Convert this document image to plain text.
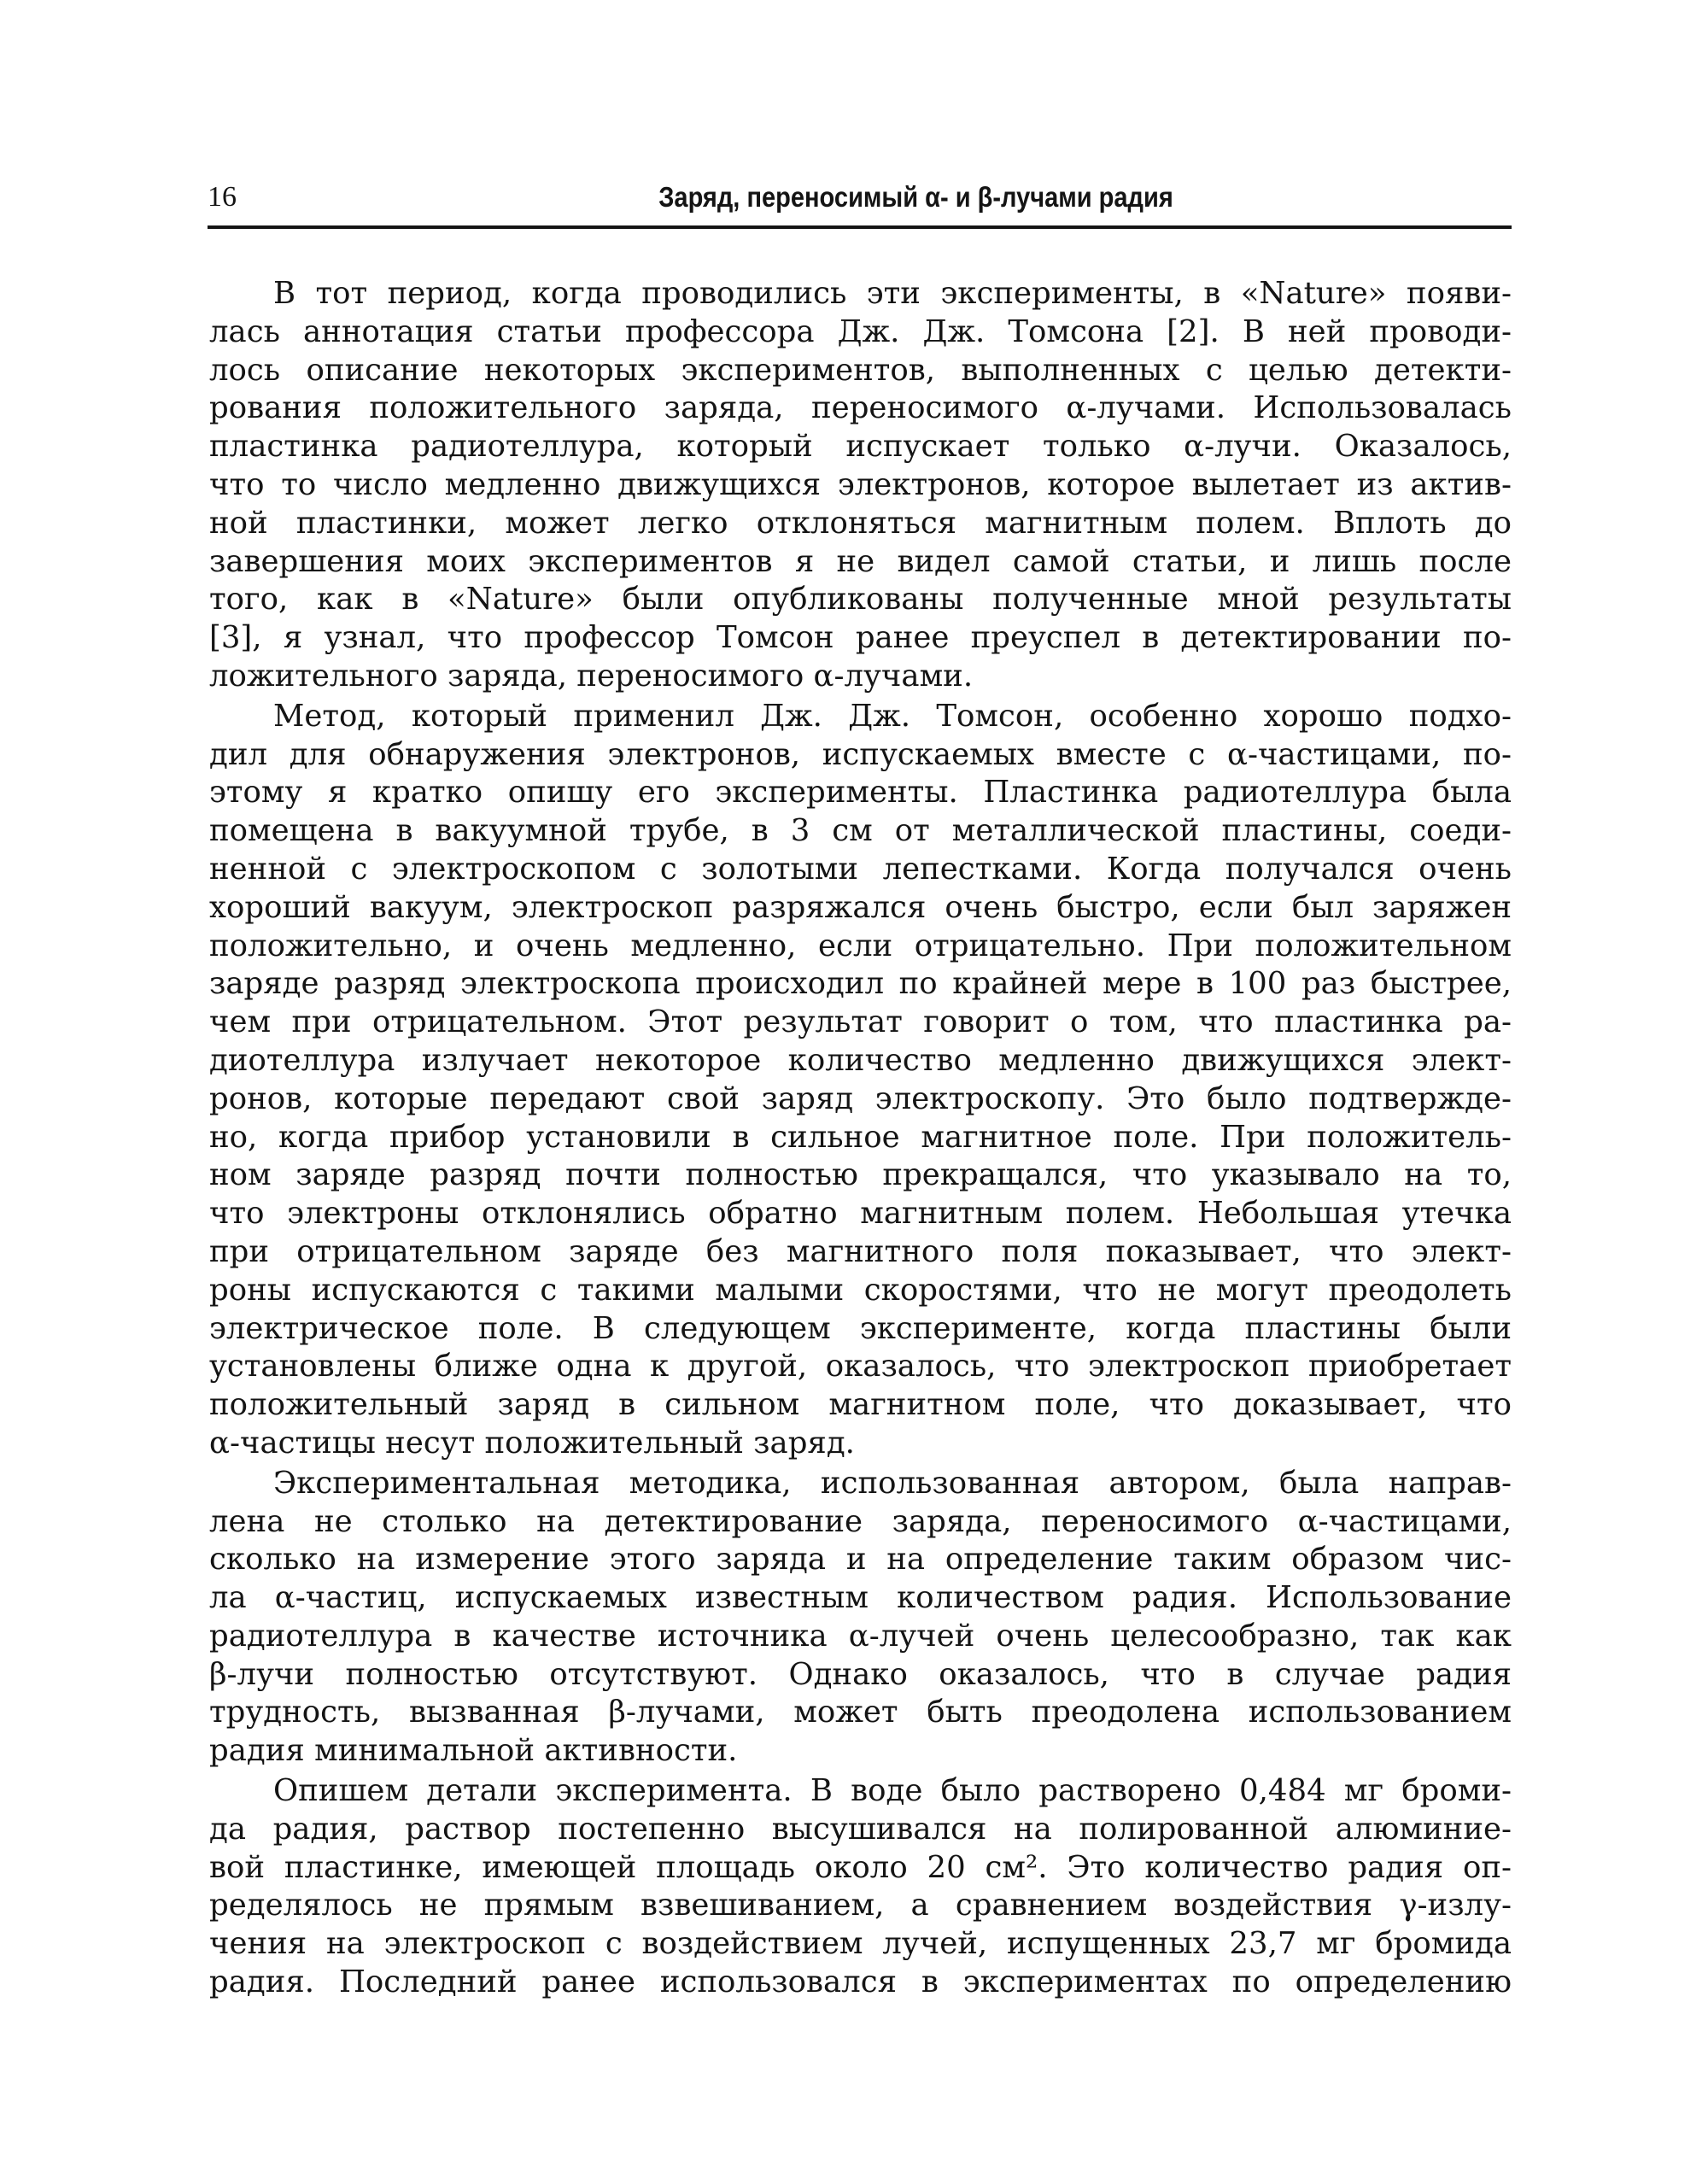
16	Заряд, переносимый α- и β-лучами радия
В тот период, когда проводились эти эксперименты, в «Nature» появи-
лась аннотация статьи профессора Дж. Дж. Томсона [2]. В ней проводи-
лось описание некоторых экспериментов, выполненных с целью детекти-
рования положительного заряда, переносимого α-лучами. Использовалась
пластинка радиотеллура, который испускает только α-лучи. Оказалось,
что то число медленно движущихся электронов, которое вылетает из актив-
ной пластинки, может легко отклоняться магнитным полем. Вплоть до
завершения моих экспериментов я не видел самой статьи, и лишь после
того, как в «Nature» были опубликованы полученные мной результаты
[3], я узнал, что профессор Томсон ранее преуспел в детектировании по-
ложительного заряда, переносимого α-лучами.
Метод, который применил Дж. Дж. Томсон, особенно хорошо подхо-
дил для обнаружения электронов, испускаемых вместе с α-частицами, по-
этому я кратко опишу его эксперименты. Пластинка радиотеллура была
помещена в вакуумной трубе, в 3 см от металлической пластины, соеди-
ненной с электроскопом с золотыми лепестками. Когда получался очень
хороший вакуум, электроскоп разряжался очень быстро, если был заряжен
положительно, и очень медленно, если отрицательно. При положительном
заряде разряд электроскопа происходил по крайней мере в 100 раз быстрее,
чем при отрицательном. Этот результат говорит о том, что пластинка ра-
диотеллура излучает некоторое количество медленно движущихся элект-
ронов, которые передают свой заряд электроскопу. Это было подтвержде-
но, когда прибор установили в сильное магнитное поле. При положитель-
ном заряде разряд почти полностью прекращался, что указывало на то,
что электроны отклонялись обратно магнитным полем. Небольшая утечка
при отрицательном заряде без магнитного поля показывает, что элект-
роны испускаются с такими малыми скоростями, что не могут преодолеть
электрическое поле. В следующем эксперименте, когда пластины были
установлены ближе одна к другой, оказалось, что электроскоп приобретает
положительный заряд в сильном магнитном поле, что доказывает, что
α-частицы несут положительный заряд.
Экспериментальная методика, использованная автором, была направ-
лена не столько на детектирование заряда, переносимого α-частицами,
сколько на измерение этого заряда и на определение таким образом чис-
ла α-частиц, испускаемых известным количеством радия. Использование
радиотеллура в качестве источника α-лучей очень целесообразно, так как
β-лучи полностью отсутствуют. Однако оказалось, что в случае радия
трудность, вызванная β-лучами, может быть преодолена использованием
радия минимальной активности.
Опишем детали эксперимента. В воде было растворено 0,484 мг броми-
да радия, раствор постепенно высушивался на полированной алюминие-
вой пластинке, имеющей площадь около 20 см². Это количество радия оп-
ределялось не прямым взвешиванием, а сравнением воздействия γ-излу-
чения на электроскоп с воздействием лучей, испущенных 23,7 мг бромида
радия. Последний ранее использовался в экспериментах по определению
